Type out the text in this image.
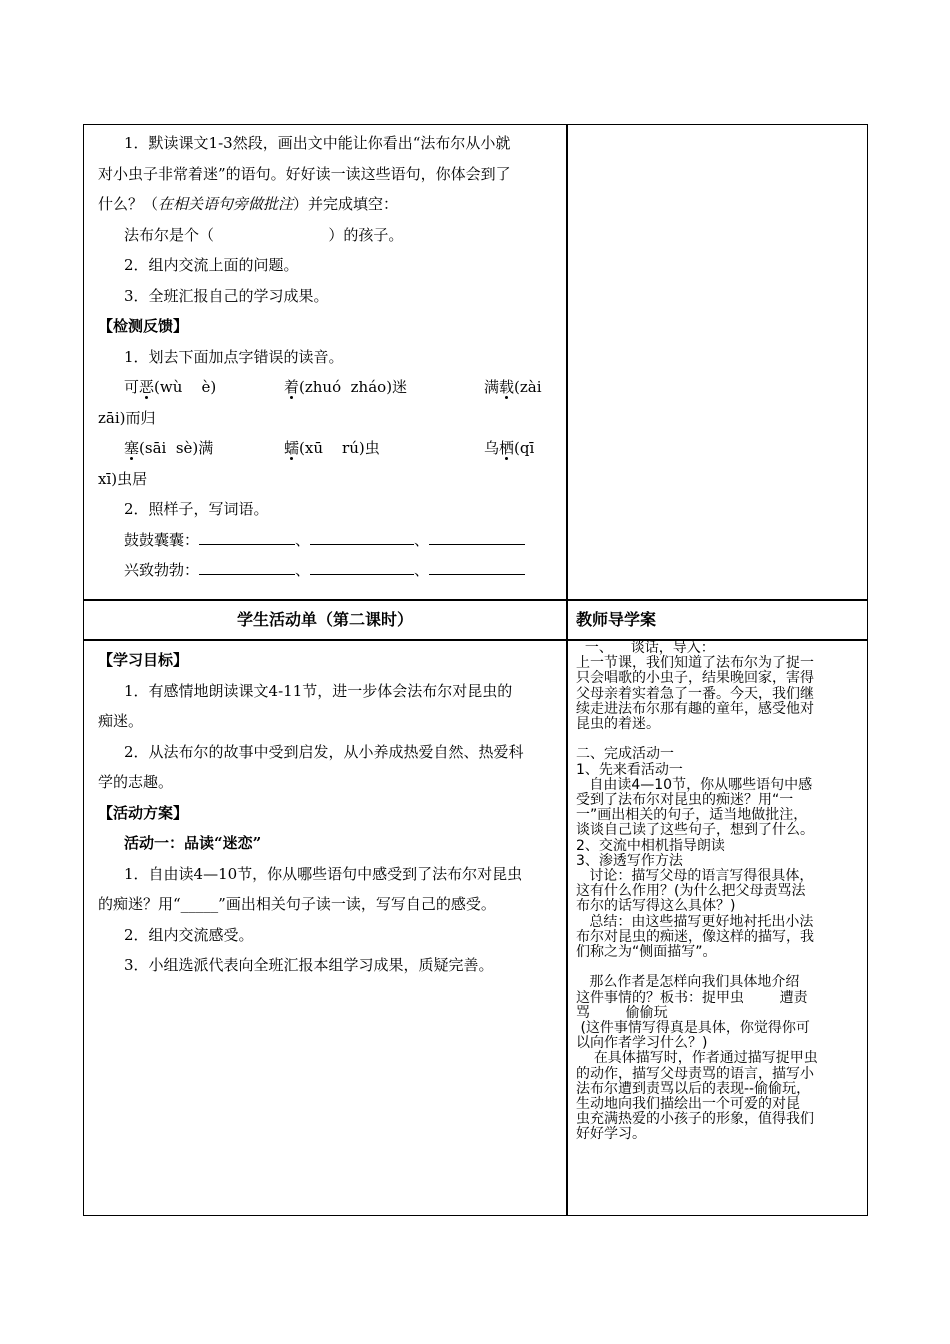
1．默读课文1-3然段，画出文中能让你看出“法布尔从小就

对小虫子非常着迷”的语句。好好读一读这些语句，你体会到了

什么？（在相关语句旁做批注）并完成填空：

法布尔是个（                        ）的孩子。

2．组内交流上面的问题。

3．全班汇报自己的学习成果。

【检测反馈】

1．划去下面加点字错误的读音。

可恶(wù    è)	着(zhuó  zháo)迷	满载(zài

zāi)而归

塞(sāi  sè)满	蠕(xū    rú)虫	乌栖(qī

xī)虫居

2．照样子，写词语。

鼓鼓囊囊：	、	、

兴致勃勃：	、	、

学生活动单（第二课时）	教师导学案

【学习目标】

1．有感情地朗读课文4-11节，进一步体会法布尔对昆虫的

痴迷。

2．从法布尔的故事中受到启发，从小养成热爱自然、热爱科

学的志趣。

【活动方案】

活动一：品读“迷恋”

1．自由读4—10节，你从哪些语句中感受到了法布尔对昆虫

的痴迷？用“_____”画出相关句子读一读，写写自己的感受。

2．组内交流感受。

3．小组选派代表向全班汇报本组学习成果，质疑完善。

一、    谈话，导入：

上一节课，我们知道了法布尔为了捉一

只会唱歌的小虫子，结果晚回家，害得

父母亲着实着急了一番。今天，我们继

续走进法布尔那有趣的童年，感受他对

昆虫的着迷。

二、完成活动一

1、先来看活动一

自由读4—10节，你从哪些语句中感

受到了法布尔对昆虫的痴迷？用“一

一”画出相关的句子，适当地做批注，

谈谈自己读了这些句子，想到了什么。

2、交流中相机指导朗读

3、渗透写作方法

讨论：描写父母的语言写得很具体，

这有什么作用？(为什么把父母责骂法

布尔的话写得这么具体？)

总结：由这些描写更好地衬托出小法

布尔对昆虫的痴迷，像这样的描写，我

们称之为“侧面描写”。

那么作者是怎样向我们具体地介绍

这件事情的？板书：捉甲虫        遭责

骂        偷偷玩

(这件事情写得真是具体，你觉得你可

以向作者学习什么？)

在具体描写时，作者通过描写捉甲虫

的动作，描写父母责骂的语言，描写小

法布尔遭到责骂以后的表现--偷偷玩，

生动地向我们描绘出一个可爱的对昆

虫充满热爱的小孩子的形象，值得我们

好好学习。
